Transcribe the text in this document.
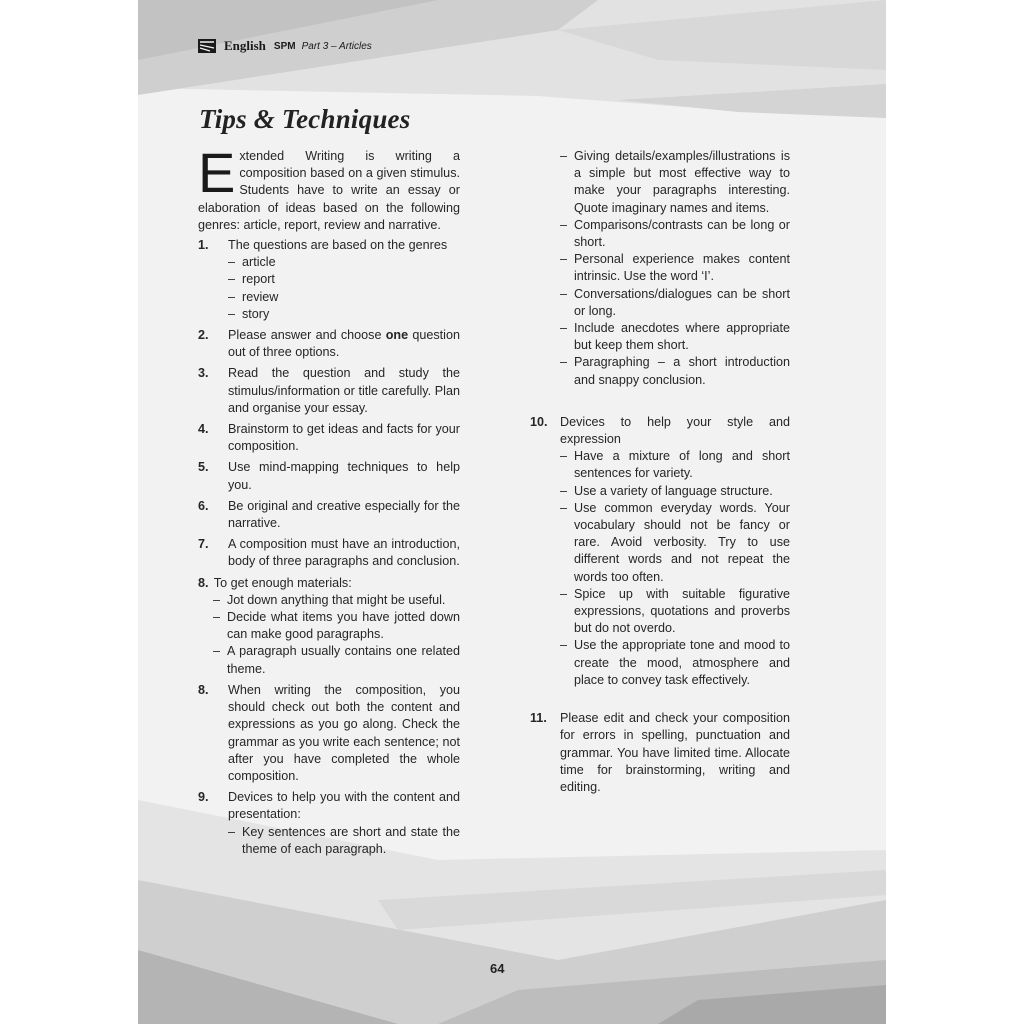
English SPM Part 3 – Articles
Tips & Techniques

Extended Writing is writing a composition based on a given stimulus. Students have to write an essay or elaboration of ideas based on the following genres: article, report, review and narrative.

1.	The questions are based on the genres
– article
– report
– review
– story
2.	Please answer and choose one question out of three options.
3.	Read the question and study the stimulus/information or title carefully. Plan and organise your essay.
4.	Brainstorm to get ideas and facts for your composition.
5.	Use mind-mapping techniques to help you.
6.	Be original and creative especially for the narrative.
7.	A composition must have an introduction, body of three paragraphs and conclusion.
8. To get enough materials:
– Jot down anything that might be useful.
– Decide what items you have jotted down can make good paragraphs.
– A paragraph usually contains one related theme.
8.	When writing the composition, you should check out both the content and expressions as you go along. Check the grammar as you write each sentence; not after you have completed the whole composition.
9.	Devices to help you with the content and presentation:
– Key sentences are short and state the theme of each paragraph.
– Giving details/examples/illustrations is a simple but most effective way to make your paragraphs interesting. Quote imaginary names and items.
– Comparisons/contrasts can be long or short.
– Personal experience makes content intrinsic. Use the word ‘I’.
– Conversations/dialogues can be short or long.
– Include anecdotes where appropriate but keep them short.
– Paragraphing – a short introduction and snappy conclusion.
10. Devices to help your style and expression
– Have a mixture of long and short sentences for variety.
– Use a variety of language structure.
– Use common everyday words. Your vocabulary should not be fancy or rare. Avoid verbosity. Try to use different words and not repeat the words too often.
– Spice up with suitable figurative expressions, quotations and proverbs but do not overdo.
– Use the appropriate tone and mood to create the mood, atmosphere and place to convey task effectively.
11.	Please edit and check your composition for errors in spelling, punctuation and grammar. You have limited time. Allocate time for brainstorming, writing and editing.
64
